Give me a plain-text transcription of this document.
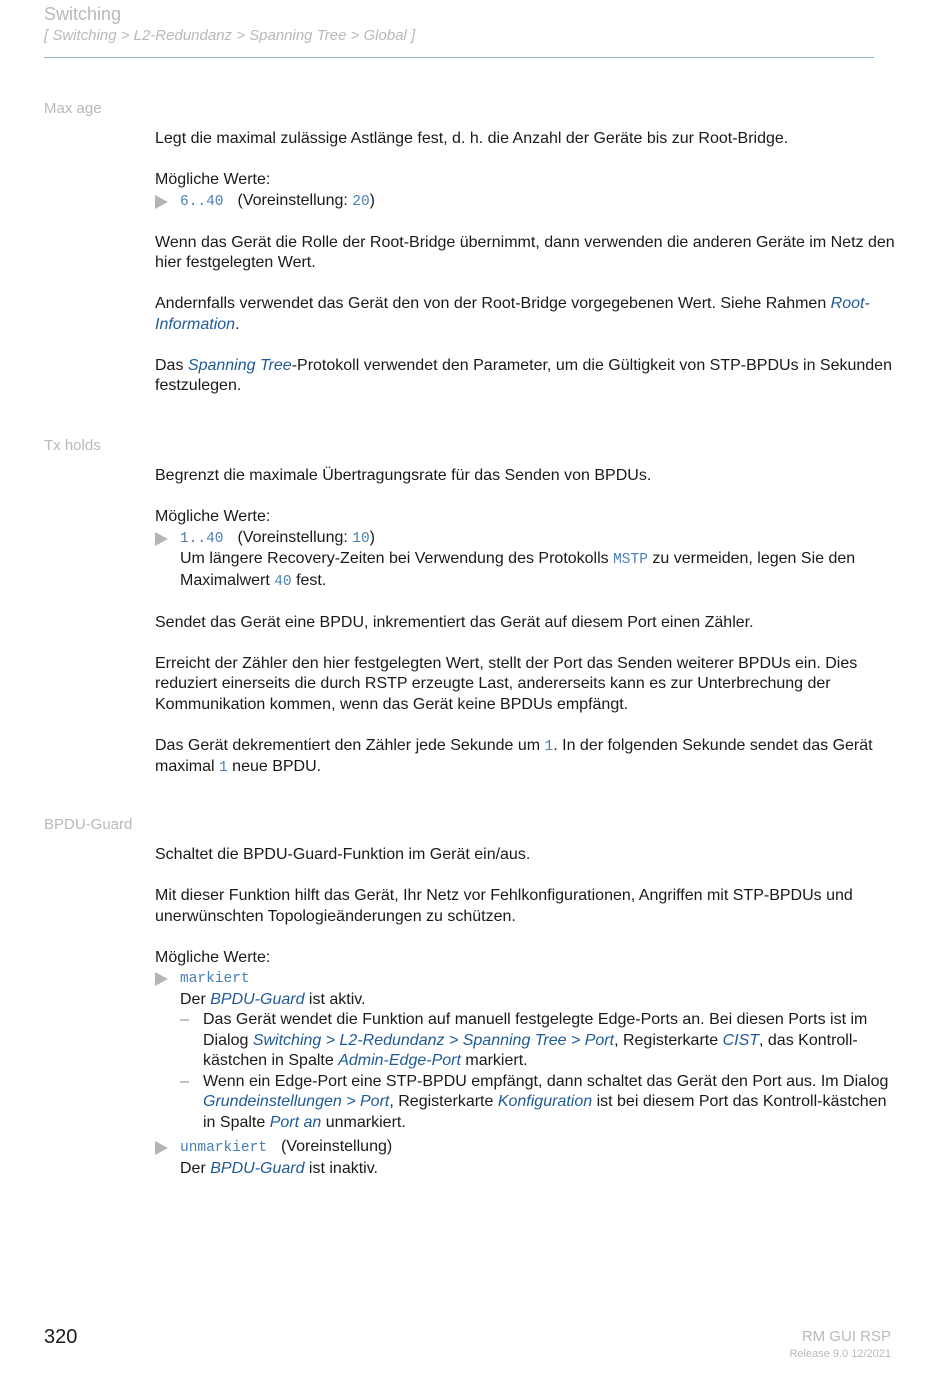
Switching
[ Switching > L2-Redundanz > Spanning Tree > Global ]
Max age

Legt die maximal zulässige Astlänge fest, d. h. die Anzahl der Geräte bis zur Root-Bridge.

Mögliche Werte:

6..40 (Voreinstellung: 20)

Wenn das Gerät die Rolle der Root-Bridge übernimmt, dann verwenden die anderen Geräte im Netz den hier festgelegten Wert.

Andernfalls verwendet das Gerät den von der Root-Bridge vorgegebenen Wert. Siehe Rahmen Root-Information.

Das Spanning Tree-Protokoll verwendet den Parameter, um die Gültigkeit von STP-BPDUs in Sekunden festzulegen.

Tx holds

Begrenzt die maximale Übertragungsrate für das Senden von BPDUs.

Mögliche Werte:

1..40 (Voreinstellung: 10)
Um längere Recovery-Zeiten bei Verwendung des Protokolls MSTP zu vermeiden, legen Sie den Maximalwert 40 fest.

Sendet das Gerät eine BPDU, inkrementiert das Gerät auf diesem Port einen Zähler.

Erreicht der Zähler den hier festgelegten Wert, stellt der Port das Senden weiterer BPDUs ein. Dies reduziert einerseits die durch RSTP erzeugte Last, andererseits kann es zur Unterbrechung der Kommunikation kommen, wenn das Gerät keine BPDUs empfängt.

Das Gerät dekrementiert den Zähler jede Sekunde um 1. In der folgenden Sekunde sendet das Gerät maximal 1 neue BPDU.

BPDU-Guard

Schaltet die BPDU-Guard-Funktion im Gerät ein/aus.

Mit dieser Funktion hilft das Gerät, Ihr Netz vor Fehlkonfigurationen, Angriffen mit STP-BPDUs und unerwünschten Topologieänderungen zu schützen.

Mögliche Werte:

markiert
Der BPDU-Guard ist aktiv.
– Das Gerät wendet die Funktion auf manuell festgelegte Edge-Ports an. Bei diesen Ports ist im Dialog Switching > L2-Redundanz > Spanning Tree > Port, Registerkarte CIST, das Kontroll-kästchen in Spalte Admin-Edge-Port markiert.
– Wenn ein Edge-Port eine STP-BPDU empfängt, dann schaltet das Gerät den Port aus. Im Dialog Grundeinstellungen > Port, Registerkarte Konfiguration ist bei diesem Port das Kontroll-kästchen in Spalte Port an unmarkiert.
unmarkiert (Voreinstellung)
Der BPDU-Guard ist inaktiv.
320	RM GUI RSP
Release 9.0 12/2021
